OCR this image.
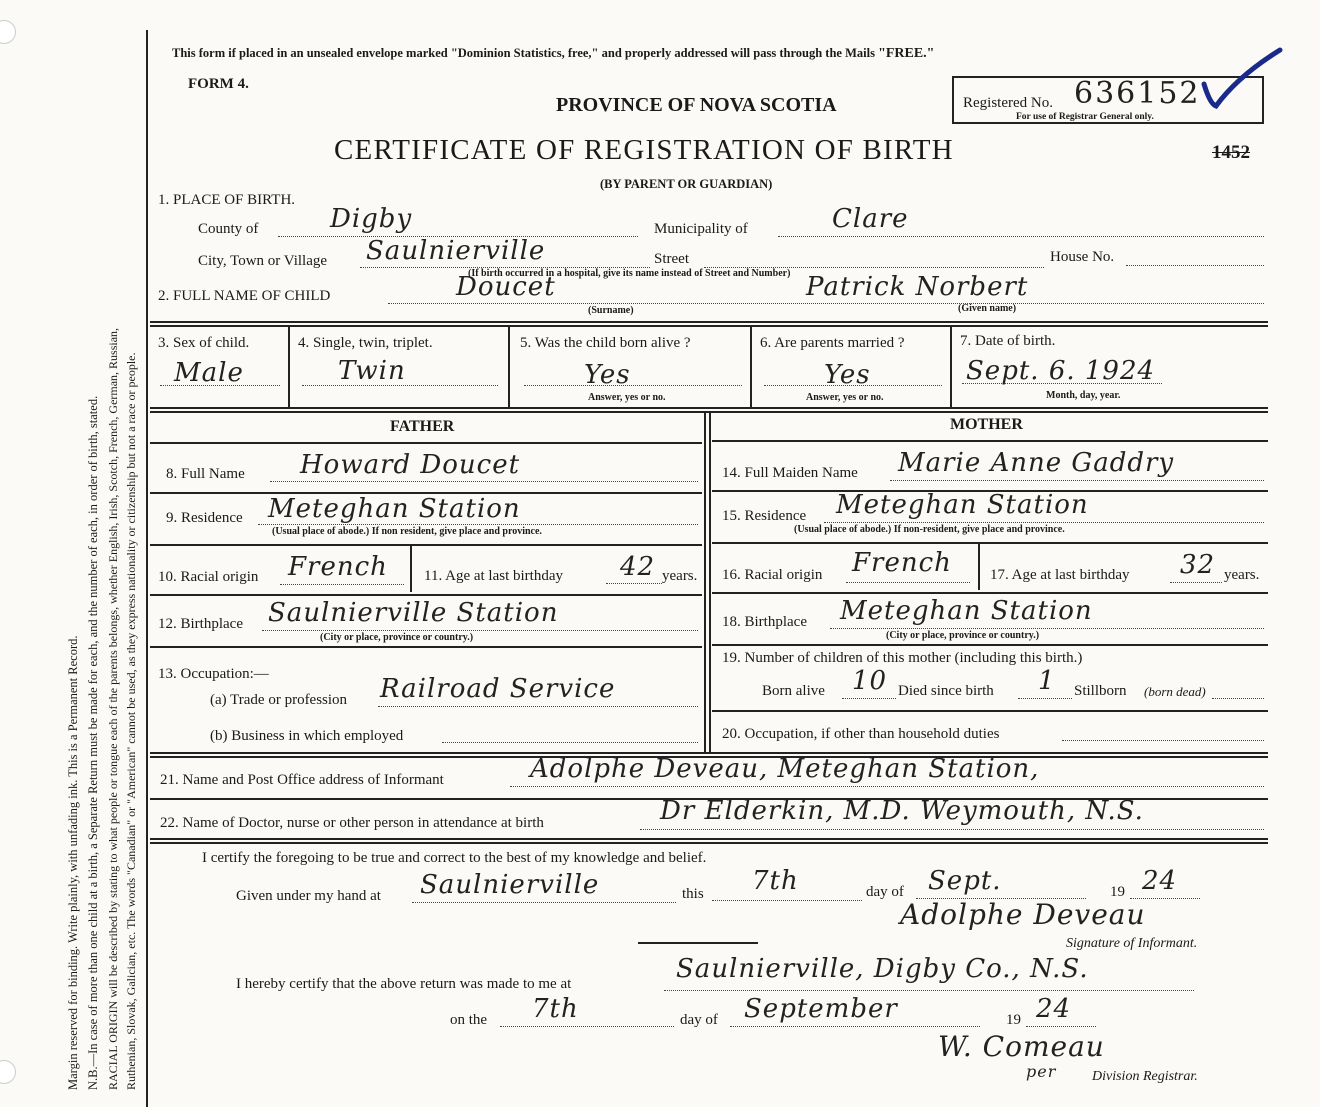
Margin reserved for binding. Write plainly, with unfading ink. This is a Permanent Record. N.B.—In case of more than one child at a birth, a Separate Return must be made for each, and the number of each, in order of birth, stated. RACIAL ORIGIN will be described by stating to what people or tongue each of the parents belongs, whether English, Irish, Scotch, French, German, Russian, Ruthenian, Slovak, Galician, etc. The words "Canadian" or "American" cannot be used, as they express nationality or citizenship but not a race or people.
This form if placed in an unsealed envelope marked "Dominion Statistics, free," and properly addressed will pass through the Mails "FREE."
FORM 4.
PROVINCE OF NOVA SCOTIA
CERTIFICATE OF REGISTRATION OF BIRTH
(BY PARENT OR GUARDIAN)
Registered No. 636152
For use of Registrar General only.
1452
1. PLACE OF BIRTH.
County of	Digby	Municipality of	Clare
City, Town or Village Saulnierville	Street	House No.
(If birth occurred in a hospital, give its name instead of Street and Number)
2. FULL NAME OF CHILD	Doucet	Patrick Norbert
(Surname)	(Given name)
3. Sex of child.
Male
4. Single, twin, triplet.
Twin
5. Was the child born alive ?
Yes
Answer, yes or no.
6. Are parents married ?
Yes
Answer, yes or no.
7. Date of birth.
Sept. 6. 1924
Month, day, year.
FATHER
8. Full Name Howard Doucet
9. Residence Meteghan Station
(Usual place of abode.) If non resident, give place and province.
10. Racial origin French 11. Age at last birthday 42 years.
12. Birthplace Saulnierville Station
(City or place, province or country.)
13. Occupation:—
(a) Trade or profession Railroad Service
(b) Business in which employed
MOTHER
14. Full Maiden Name Marie Anne Gaddry
15. Residence Meteghan Station
(Usual place of abode.) If non-resident, give place and province.
16. Racial origin French	17. Age at last birthday 32 years.
18. Birthplace Meteghan Station
(City or place, province or country.)
19. Number of children of this mother (including this birth.)
Born alive 10 Died since birth 1 Stillborn (born dead)
20. Occupation, if other than household duties
21. Name and Post Office address of Informant	Adolphe Deveau, Meteghan Station,
22. Name of Doctor, nurse or other person in attendance at birth	Dr Elderkin, M.D. Weymouth, N.S.
I certify the foregoing to be true and correct to the best of my knowledge and belief.
Given under my hand at Saulnierville	this 7th	day of Sept.	19 24
Adolphe Deveau
Signature of Informant.
I hereby certify that the above return was made to me at	Saulnierville, Digby Co., N.S.
on the 7th	day of September	19 24
W. Comeau
per	Division Registrar.
